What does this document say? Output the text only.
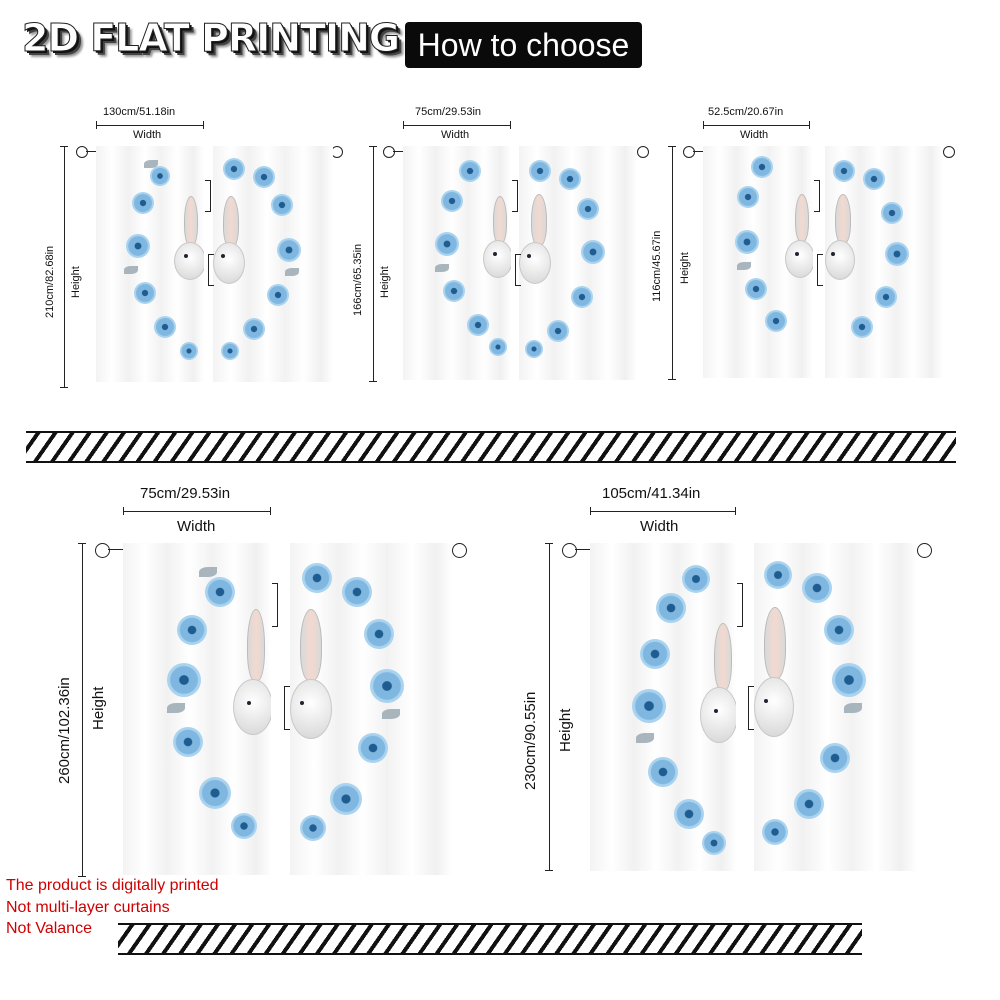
2D FLAT PRINTING How to choose
130cm/51.18in
Width
210cm/82.68in Height
75cm/29.53in
Width
166cm/65.35in Height
52.5cm/20.67in
Width
116cm/45.67in Height
75cm/29.53in
Width
260cm/102.36in Height
105cm/41.34in
Width
230cm/90.55in Height
The product is digitally printed
Not multi-layer curtains
Not Valance
